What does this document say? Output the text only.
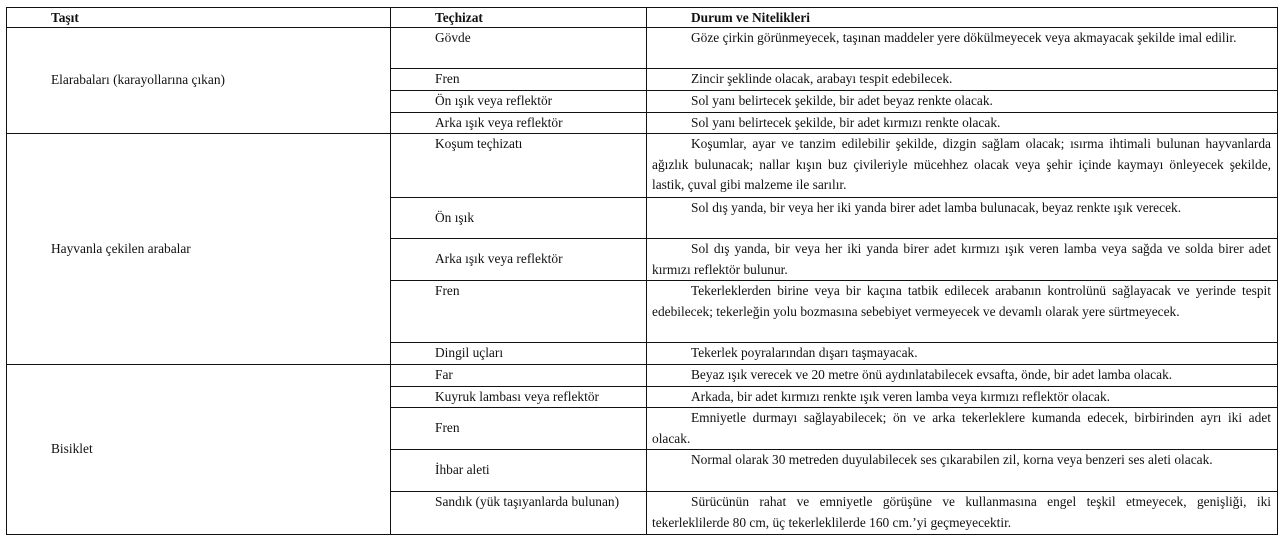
Taşıt	Teçhizat	Durum ve Nitelikleri
Elarabaları (karayollarına çıkan)	Gövde	Göze çirkin görünmeyecek, taşınan maddeler yere dökülmeyecek veya akmayacak şekilde imal edilir.

	Fren	Zincir şeklinde olacak, arabayı tespit edebilecek.

	Ön ışık veya reflektör	Sol yanı belirtecek şekilde, bir adet beyaz renkte olacak.

	Arka ışık veya reflektör	Sol yanı belirtecek şekilde, bir adet kırmızı renkte olacak.

Hayvanla çekilen arabalar	Koşum teçhizatı	Koşumlar, ayar ve tanzim edilebilir şekilde, dizgin sağlam olacak; ısırma ihtimali bulunan hayvanlarda ağızlık bulunacak; nallar kışın buz çivileriyle mücehhez olacak veya şehir içinde kaymayı önleyecek şekilde, lastik, çuval gibi malzeme ile sarılır.

	Ön ışık	Sol dış yanda, bir veya her iki yanda birer adet lamba bulunacak, beyaz renkte ışık verecek.

	Arka ışık veya reflektör	Sol dış yanda, bir veya her iki yanda birer adet kırmızı ışık veren lamba veya sağda ve solda birer adet kırmızı reflektör bulunur.

	Fren	Tekerleklerden birine veya bir kaçına tatbik edilecek arabanın kontrolünü sağlayacak ve yerinde tespit edebilecek; tekerleğin yolu bozmasına sebebiyet vermeyecek ve devamlı olarak yere sürtmeyecek.

	Dingil uçları	Tekerlek poyralarından dışarı taşmayacak.

Bisiklet	Far	Beyaz ışık verecek ve 20 metre önü aydınlatabilecek evsafta, önde, bir adet lamba olacak.

	Kuyruk lambası veya reflektör	Arkada, bir adet kırmızı renkte ışık veren lamba veya kırmızı reflektör olacak.

	Fren	Emniyetle durmayı sağlayabilecek; ön ve arka tekerleklere kumanda edecek, birbirinden ayrı iki adet olacak.

	İhbar aleti	Normal olarak 30 metreden duyulabilecek ses çıkarabilen zil, korna veya benzeri ses aleti olacak.

	Sandık (yük taşıyanlarda bulunan)	Sürücünün rahat ve emniyetle görüşüne ve kullanmasına engel teşkil etmeyecek, genişliği, iki tekerleklilerde 80 cm, üç tekerleklilerde 160 cm.’yi geçmeyecektir.
